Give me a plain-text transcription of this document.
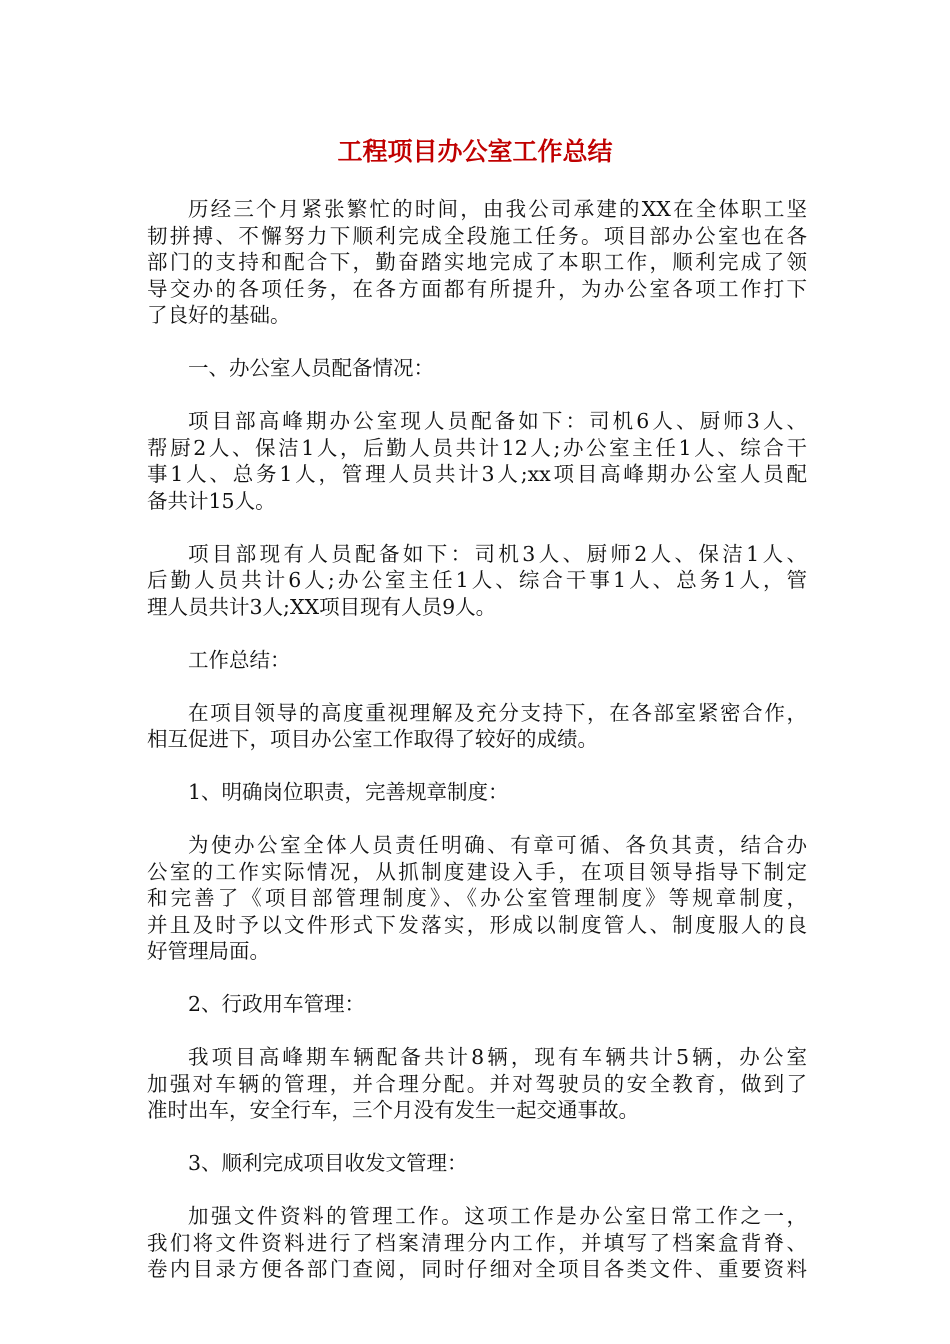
工程项目办公室工作总结
历经三个月紧张繁忙的时间，由我公司承建的XX在全体职工坚
韧拼搏、不懈努力下顺利完成全段施工任务。项目部办公室也在各
部门的支持和配合下，勤奋踏实地完成了本职工作，顺利完成了领
导交办的各项任务，在各方面都有所提升，为办公室各项工作打下
了良好的基础。
一、办公室人员配备情况：
项目部高峰期办公室现人员配备如下：司机6人、厨师3人、
帮厨2人、保洁1人，后勤人员共计12人;办公室主任1人、综合干
事1人、总务1人，管理人员共计3人;xx项目高峰期办公室人员配
备共计15人。
项目部现有人员配备如下：司机3人、厨师2人、保洁1人、
后勤人员共计6人;办公室主任1人、综合干事1人、总务1人，管
理人员共计3人;XX项目现有人员9人。
工作总结：
在项目领导的高度重视理解及充分支持下，在各部室紧密合作，
相互促进下，项目办公室工作取得了较好的成绩。
1、明确岗位职责，完善规章制度：
为使办公室全体人员责任明确、有章可循、各负其责，结合办
公室的工作实际情况，从抓制度建设入手，在项目领导指导下制定
和完善了《项目部管理制度》、《办公室管理制度》等规章制度，
并且及时予以文件形式下发落实，形成以制度管人、制度服人的良
好管理局面。
2、行政用车管理：
我项目高峰期车辆配备共计8辆，现有车辆共计5辆，办公室
加强对车辆的管理，并合理分配。并对驾驶员的安全教育，做到了
准时出车，安全行车，三个月没有发生一起交通事故。
3、顺利完成项目收发文管理：
加强文件资料的管理工作。这项工作是办公室日常工作之一，
我们将文件资料进行了档案清理分内工作，并填写了档案盒背脊、
卷内目录方便各部门查阅，同时仔细对全项目各类文件、重要资料
